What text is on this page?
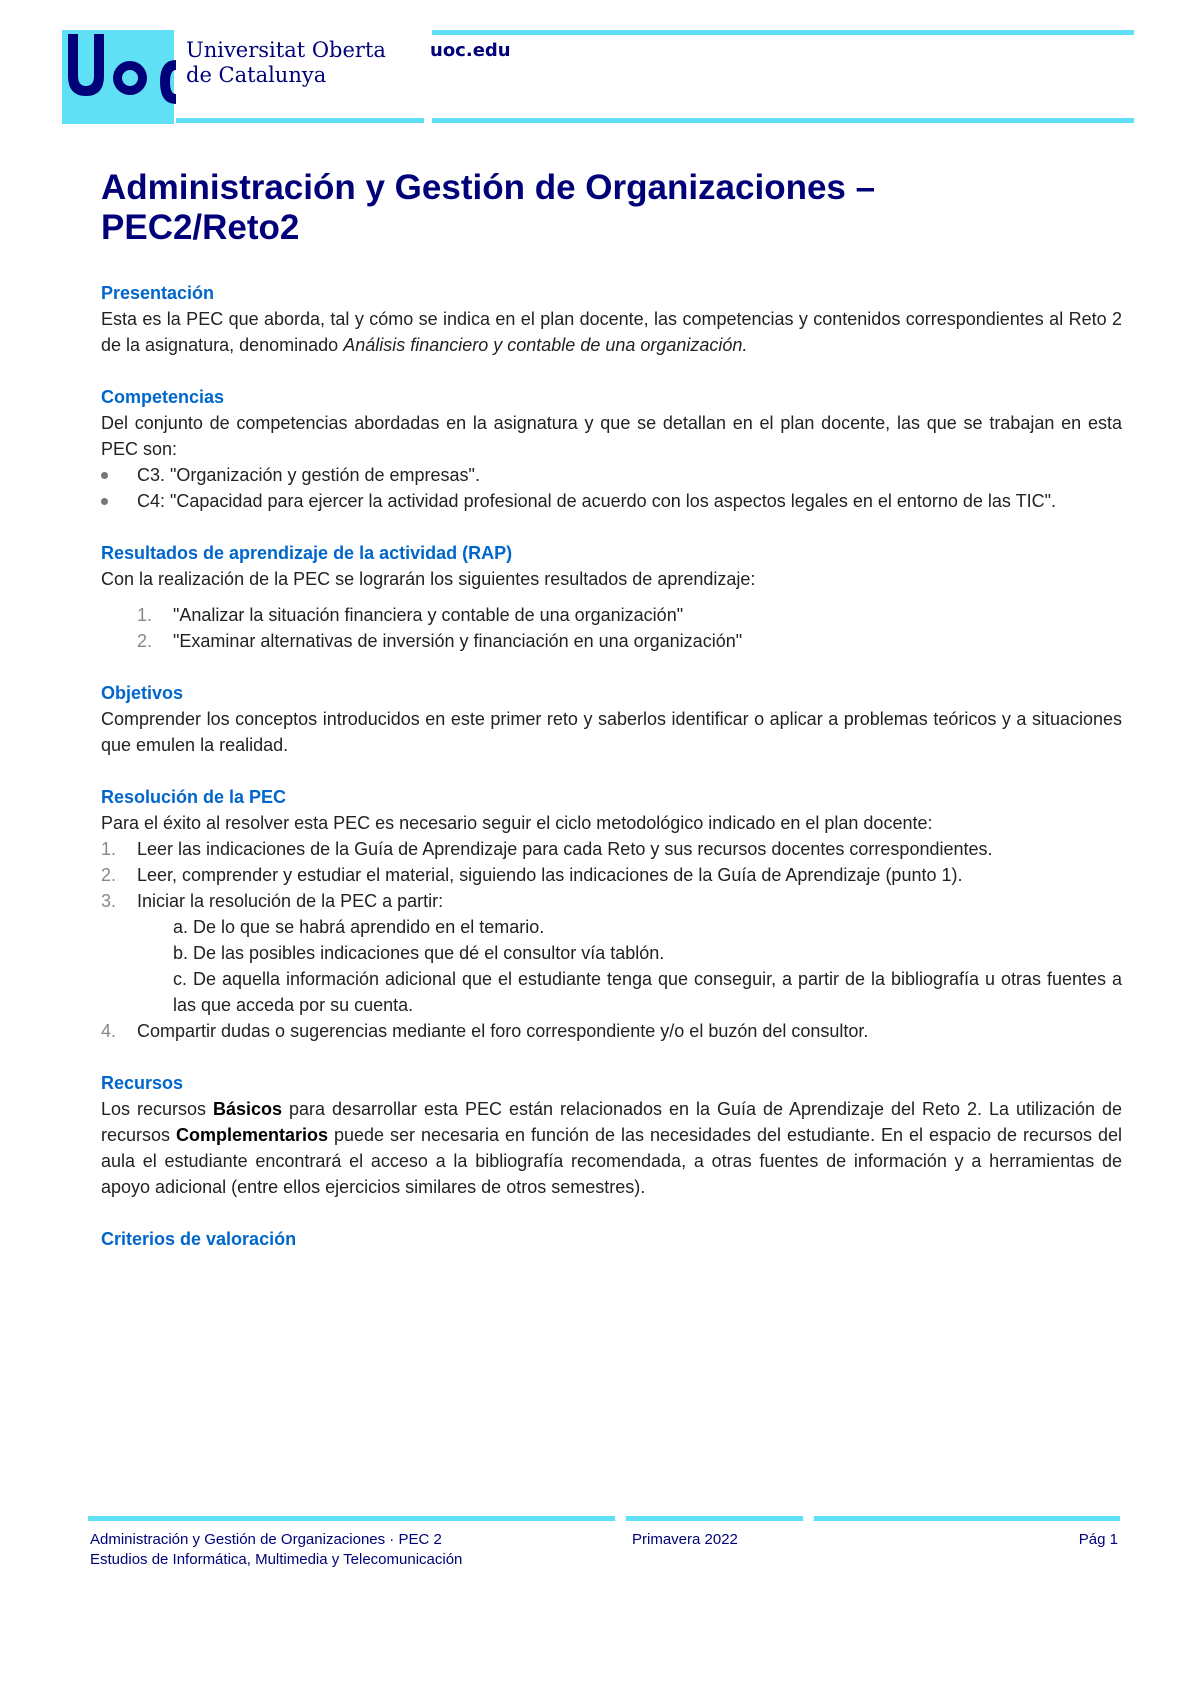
Universitat Oberta
de Catalunya
uoc.edu
Administración y Gestión de Organizaciones –
PEC2/Reto2
Presentación

Esta es la PEC que aborda, tal y cómo se indica en el plan docente, las competencias y contenidos correspondientes al Reto 2 de la asignatura, denominado Análisis financiero y contable de una organización.

Competencias

Del conjunto de competencias abordadas en la asignatura y que se detallan en el plan docente, las que se trabajan en esta PEC son:

C3. "Organización y gestión de empresas".
C4: "Capacidad para ejercer la actividad profesional de acuerdo con los aspectos legales en el entorno de las TIC".
Resultados de aprendizaje de la actividad (RAP)

Con la realización de la PEC se lograrán los siguientes resultados de aprendizaje:

1. "Analizar la situación financiera y contable de una organización"
2. "Examinar alternativas de inversión y financiación en una organización"
Objetivos

Comprender los conceptos introducidos en este primer reto y saberlos identificar o aplicar a problemas teóricos y a situaciones que emulen la realidad.

Resolución de la PEC

Para el éxito al resolver esta PEC es necesario seguir el ciclo metodológico indicado en el plan docente:

1. Leer las indicaciones de la Guía de Aprendizaje para cada Reto y sus recursos docentes correspondientes.
2. Leer, comprender y estudiar el material, siguiendo las indicaciones de la Guía de Aprendizaje (punto 1).
3. Iniciar la resolución de la PEC a partir:
a. De lo que se habrá aprendido en el temario.
b. De las posibles indicaciones que dé el consultor vía tablón.
c. De aquella información adicional que el estudiante tenga que conseguir, a partir de la bibliografía u otras fuentes a las que acceda por su cuenta.
4. Compartir dudas o sugerencias mediante el foro correspondiente y/o el buzón del consultor.
Recursos

Los recursos Básicos para desarrollar esta PEC están relacionados en la Guía de Aprendizaje del Reto 2. La utilización de recursos Complementarios puede ser necesaria en función de las necesidades del estudiante. En el espacio de recursos del aula el estudiante encontrará el acceso a la bibliografía recomendada, a otras fuentes de información y a herramientas de apoyo adicional (entre ellos ejercicios similares de otros semestres).

Criterios de valoración
Administración y Gestión de Organizaciones · PEC 2
Estudios de Informática, Multimedia y Telecomunicación
Primavera 2022	Pág 1
